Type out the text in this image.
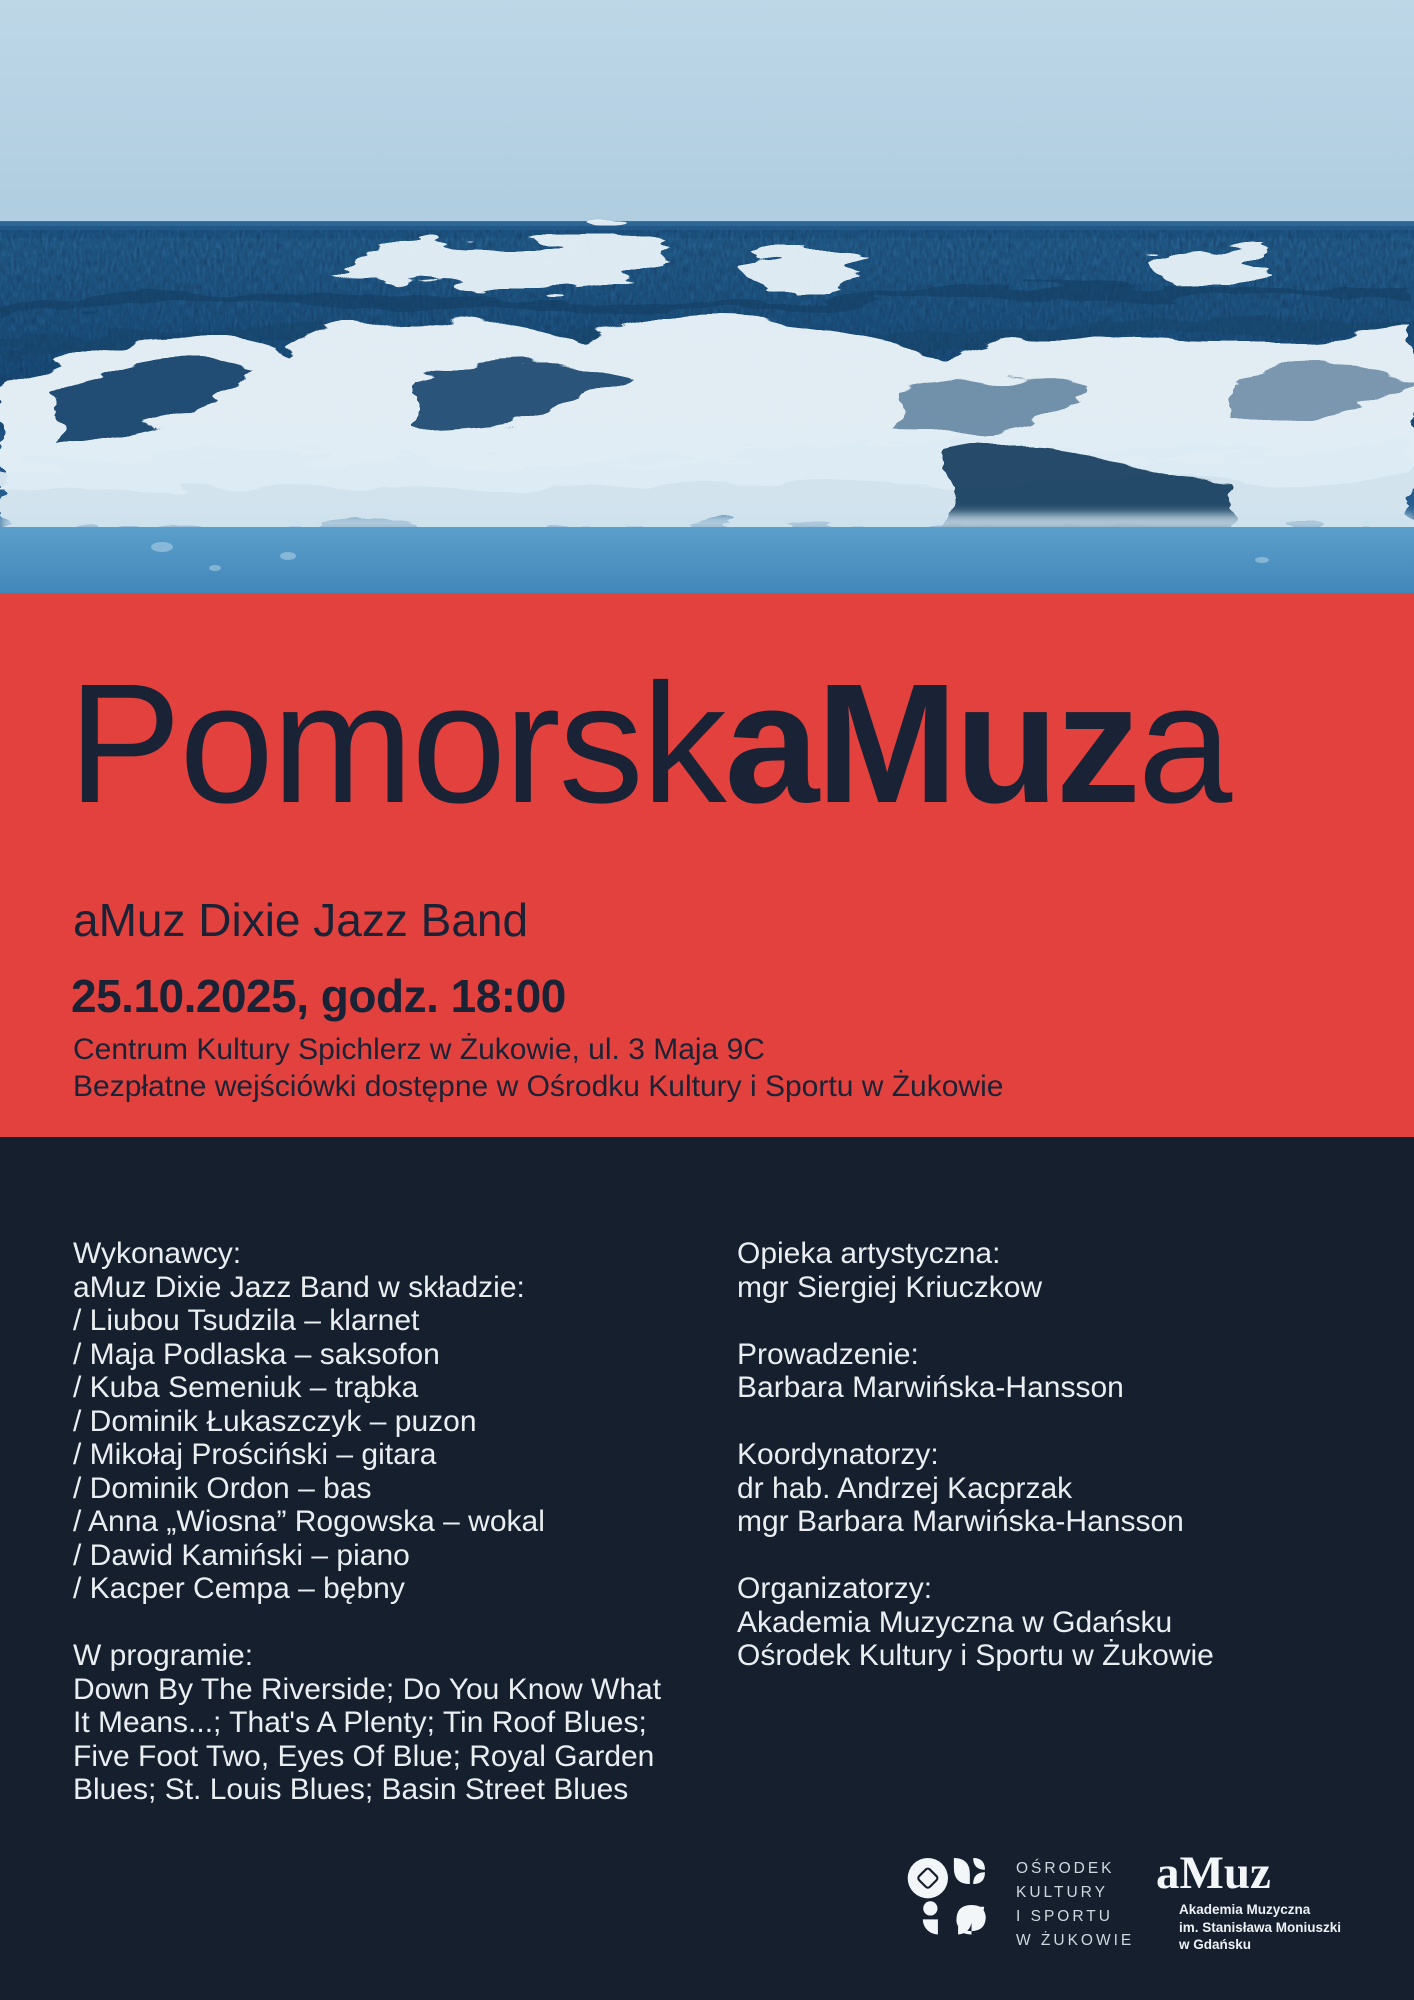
PomorskaMuza
aMuz Dixie Jazz Band
25.10.2025, godz. 18:00
Centrum Kultury Spichlerz w Żukowie, ul. 3 Maja 9C
Bezpłatne wejściówki dostępne w Ośrodku Kultury i Sportu w Żukowie
Wykonawcy:
aMuz Dixie Jazz Band w składzie:
/ Liubou Tsudzila – klarnet
/ Maja Podlaska – saksofon
/ Kuba Semeniuk – trąbka
/ Dominik Łukaszczyk – puzon
/ Mikołaj Prościński – gitara
/ Dominik Ordon – bas
/ Anna „Wiosna” Rogowska – wokal
/ Dawid Kamiński – piano
/ Kacper Cempa – bębny
W programie:
Down By The Riverside; Do You Know What
It Means...; That's A Plenty; Tin Roof Blues;
Five Foot Two, Eyes Of Blue; Royal Garden
Blues; St. Louis Blues; Basin Street Blues
Opieka artystyczna:
mgr Siergiej Kriuczkow
Prowadzenie:
Barbara Marwińska-Hansson
Koordynatorzy:
dr hab. Andrzej Kacprzak
mgr Barbara Marwińska-Hansson
Organizatorzy:
Akademia Muzyczna w Gdańsku
Ośrodek Kultury i Sportu w Żukowie
OŚRODEK
KULTURY
I SPORTU
W ŻUKOWIE
aMuz
Akademia Muzyczna
im. Stanisława Moniuszki
w Gdańsku
